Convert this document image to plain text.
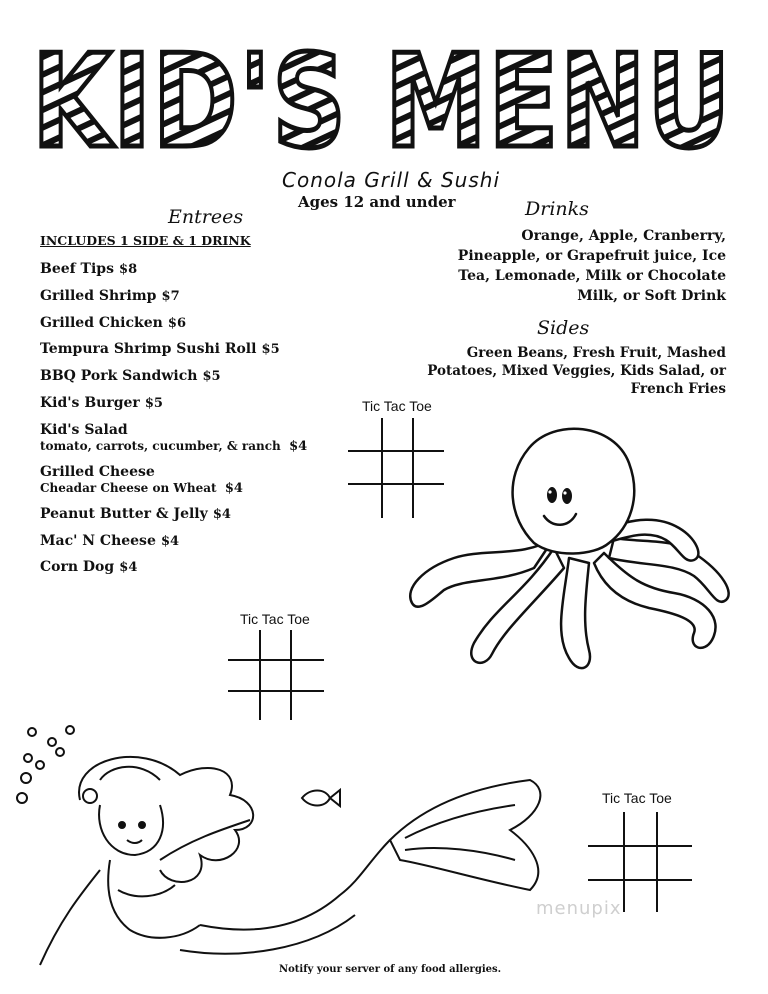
KID'S MENU
Conola Grill & Sushi
Ages 12 and under
Entrees
INCLUDES 1 SIDE & 1 DRINK
Beef Tips $8
Grilled Shrimp $7
Grilled Chicken $6
Tempura Shrimp Sushi Roll $5
BBQ Pork Sandwich $5
Kid's Burger $5
Kid's Salad
tomato, carrots, cucumber, & ranch $4
Grilled Cheese
Cheadar Cheese on Wheat $4
Peanut Butter & Jelly $4
Mac' N Cheese $4
Corn Dog $4
Drinks
Orange, Apple, Cranberry,
Pineapple, or Grapefruit juice, Ice
Tea, Lemonade, Milk or Chocolate
Milk, or Soft Drink
Sides
Green Beans, Fresh Fruit, Mashed
Potatoes, Mixed Veggies, Kids Salad, or
French Fries
Tic Tac Toe
Tic Tac Toe
Tic Tac Toe
menupix
Notify your server of any food allergies.
